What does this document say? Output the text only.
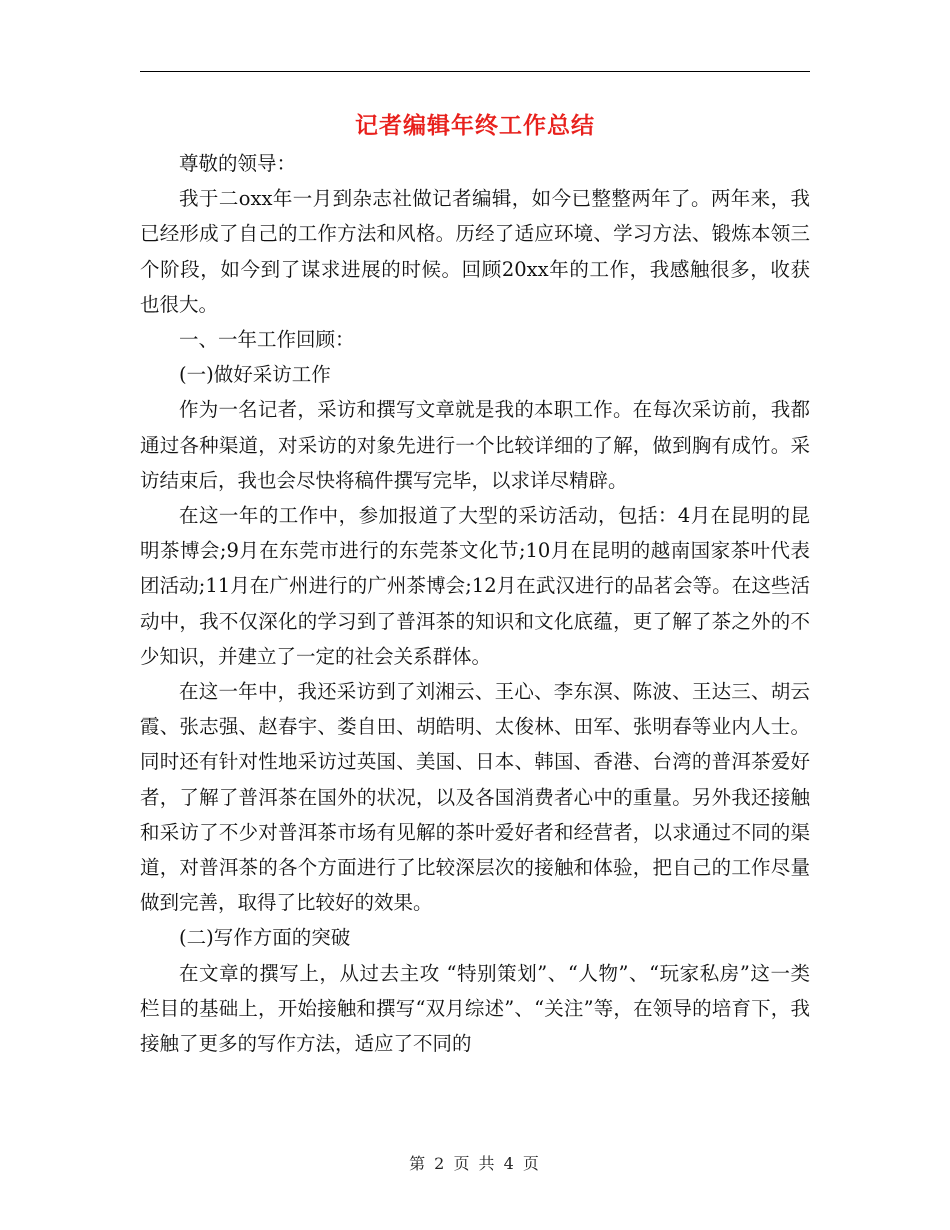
记者编辑年终工作总结

尊敬的领导：

我于二oxx年一月到杂志社做记者编辑，如今已整整两年了。两年来，我已经形成了自己的工作方法和风格。历经了适应环境、学习方法、锻炼本领三个阶段，如今到了谋求进展的时候。回顾20xx年的工作，我感触很多，收获也很大。

一、一年工作回顾：

(一)做好采访工作

作为一名记者，采访和撰写文章就是我的本职工作。在每次采访前，我都通过各种渠道，对采访的对象先进行一个比较详细的了解，做到胸有成竹。采访结束后，我也会尽快将稿件撰写完毕，以求详尽精辟。

在这一年的工作中，参加报道了大型的采访活动，包括：4月在昆明的昆明茶博会;9月在东莞市进行的东莞茶文化节;10月在昆明的越南国家茶叶代表团活动;11月在广州进行的广州茶博会;12月在武汉进行的品茗会等。在这些活动中，我不仅深化的学习到了普洱茶的知识和文化底蕴，更了解了茶之外的不少知识，并建立了一定的社会关系群体。

在这一年中，我还采访到了刘湘云、王心、李东溟、陈波、王达三、胡云霞、张志强、赵春宇、娄自田、胡皓明、太俊林、田军、张明春等业内人士。同时还有针对性地采访过英国、美国、日本、韩国、香港、台湾的普洱茶爱好者，了解了普洱茶在国外的状况，以及各国消费者心中的重量。另外我还接触和采访了不少对普洱茶市场有见解的茶叶爱好者和经营者，以求通过不同的渠道，对普洱茶的各个方面进行了比较深层次的接触和体验，把自己的工作尽量做到完善，取得了比较好的效果。

(二)写作方面的突破

在文章的撰写上，从过去主攻 “特别策划”、“人物”、“玩家私房”这一类栏目的基础上，开始接触和撰写“双月综述”、“关注”等，在领导的培育下，我接触了更多的写作方法，适应了不同的

第 2 页 共 4 页
